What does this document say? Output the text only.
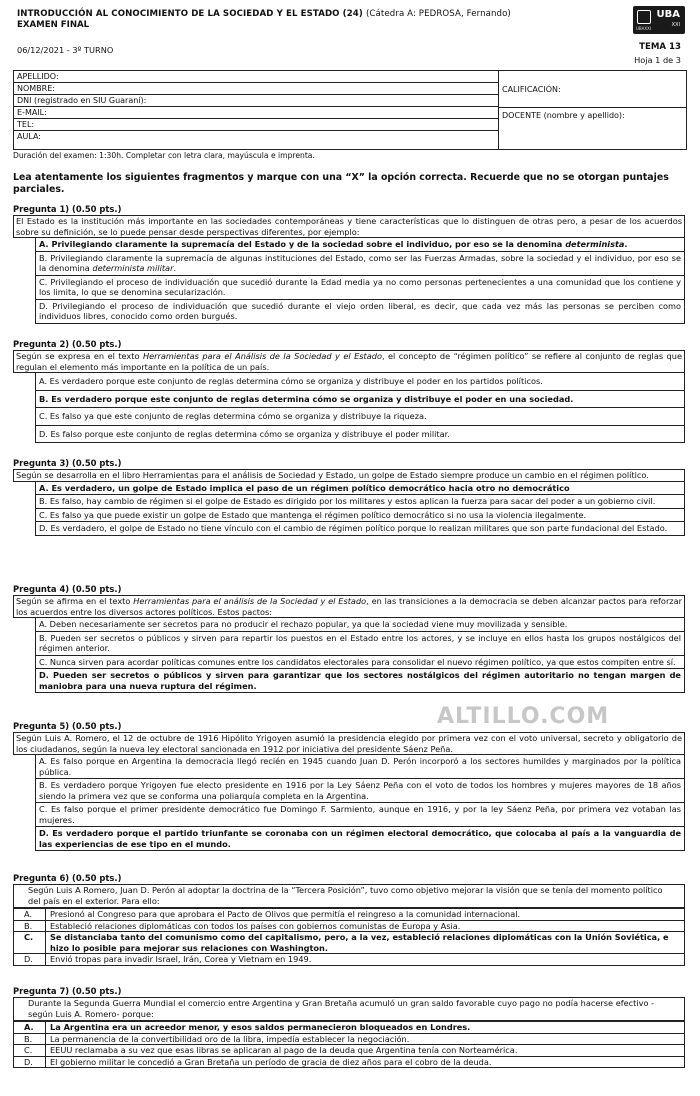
INTRODUCCIÓN AL CONOCIMIENTO DE LA SOCIEDAD Y EL ESTADO (24) (Cátedra A: PEDROSA, Fernando)
EXAMEN FINAL
06/12/2021 - 3º TURNO
UBA
XXI
UBAXXI
TEMA 13
Hoja 1 de 3
APELLIDO:
NOMBRE:
DNI (registrado en SIU Guaraní):
E-MAIL:
TEL:
AULA:
CALIFICACIÓN:
DOCENTE (nombre y apellido):
Duración del examen: 1:30h. Completar con letra clara, mayúscula e imprenta.
Lea atentamente los siguientes fragmentos y marque con una “X” la opción correcta. Recuerde que no se otorgan puntajes parciales.
Pregunta 1) (0.50 pts.)
El Estado es la institución más importante en las sociedades contemporáneas y tiene características que lo distinguen de otras pero, a pesar de los acuerdos sobre su definición, se lo puede pensar desde perspectivas diferentes, por ejemplo:
A. Privilegiando claramente la supremacía del Estado y de la sociedad sobre el individuo, por eso se la denomina determinista.
B. Privilegiando claramente la supremacía de algunas instituciones del Estado, como ser las Fuerzas Armadas, sobre la sociedad y el individuo, por eso se la denomina determinista militar.
C. Privilegiando el proceso de individuación que sucedió durante la Edad media ya no como personas pertenecientes a una comunidad que los contiene y los limita, lo que se denomina secularización.
D. Privilegiando el proceso de individuación que sucedió durante el viejo orden liberal, es decir, que cada vez más las personas se perciben como individuos libres, conocido como orden burgués.
Pregunta 2) (0.50 pts.)
Según se expresa en el texto Herramientas para el Análisis de la Sociedad y el Estado, el concepto de “régimen político” se refiere al conjunto de reglas que regulan el elemento más importante en la política de un país.
A. Es verdadero porque este conjunto de reglas determina cómo se organiza y distribuye el poder en los partidos políticos.
B. Es verdadero porque este conjunto de reglas determina cómo se organiza y distribuye el poder en una sociedad.
C. Es falso ya que este conjunto de reglas determina cómo se organiza y distribuye la riqueza.
D. Es falso porque este conjunto de reglas determina cómo se organiza y distribuye el poder militar.
Pregunta 3) (0.50 pts.)
Según se desarrolla en el libro Herramientas para el análisis de Sociedad y Estado, un golpe de Estado siempre produce un cambio en el régimen político.
A. Es verdadero, un golpe de Estado implica el paso de un régimen político democrático hacia otro no democrático
B. Es falso, hay cambio de régimen si el golpe de Estado es dirigido por los militares y estos aplican la fuerza para sacar del poder a un gobierno civil.
C. Es falso ya que puede existir un golpe de Estado que mantenga el régimen político democrático si no usa la violencia ilegalmente.
D. Es verdadero, el golpe de Estado no tiene vínculo con el cambio de régimen político porque lo realizan militares que son parte fundacional del Estado.
Pregunta 4) (0.50 pts.)
Según se afirma en el texto Herramientas para el análisis de la Sociedad y el Estado, en las transiciones a la democracia se deben alcanzar pactos para reforzar los acuerdos entre los diversos actores políticos. Estos pactos:
A. Deben necesariamente ser secretos para no producir el rechazo popular, ya que la sociedad viene muy movilizada y sensible.
B. Pueden ser secretos o públicos y sirven para repartir los puestos en el Estado entre los actores, y se incluye en ellos hasta los grupos nostálgicos del régimen anterior.
C. Nunca sirven para acordar políticas comunes entre los candidatos electorales para consolidar el nuevo régimen político, ya que estos compiten entre sí.
D. Pueden ser secretos o públicos y sirven para garantizar que los sectores nostálgicos del régimen autoritario no tengan margen de maniobra para una nueva ruptura del régimen.
Pregunta 5) (0.50 pts.)
Según Luis A. Romero, el 12 de octubre de 1916 Hipólito Yrigoyen asumió la presidencia elegido por primera vez con el voto universal, secreto y obligatorio de los ciudadanos, según la nueva ley electoral sancionada en 1912 por iniciativa del presidente Sáenz Peña.
A. Es falso porque en Argentina la democracia llegó recién en 1945 cuando Juan D. Perón incorporó a los sectores humildes y marginados por la política pública.
B. Es verdadero porque Yrigoyen fue electo presidente en 1916 por la Ley Sáenz Peña con el voto de todos los hombres y mujeres mayores de 18 años siendo la primera vez que se conforma una poliarquía completa en la Argentina.
C. Es falso porque el primer presidente democrático fue Domingo F. Sarmiento, aunque en 1916, y por la ley Sáenz Peña, por primera vez votaban las mujeres.
D. Es verdadero porque el partido triunfante se coronaba con un régimen electoral democrático, que colocaba al país a la vanguardia de las experiencias de ese tipo en el mundo.
Pregunta 6) (0.50 pts.)
Según Luis A Romero, Juan D. Perón al adoptar la doctrina de la “Tercera Posición”, tuvo como objetivo mejorar la visión que se tenía del momento político del país en el exterior. Para ello:
A.	Presionó al Congreso para que aprobara el Pacto de Olivos que permitía el reingreso a la comunidad internacional.
B.	Estableció relaciones diplomáticas con todos los países con gobiernos comunistas de Europa y Asia.
C.	Se distanciaba tanto del comunismo como del capitalismo, pero, a la vez, estableció relaciones diplomáticas con la Unión Soviética, e hizo lo posible para mejorar sus relaciones con Washington.
D.	Envió tropas para invadir Israel, Irán, Corea y Vietnam en 1949.
Pregunta 7) (0.50 pts.)
Durante la Segunda Guerra Mundial el comercio entre Argentina y Gran Bretaña acumuló un gran saldo favorable cuyo pago no podía hacerse efectivo -según Luis A. Romero- porque:
A.	La Argentina era un acreedor menor, y esos saldos permanecieron bloqueados en Londres.
B.	La permanencia de la convertibilidad oro de la libra, impedía establecer la negociación.
C.	EEUU reclamaba a su vez que esas libras se aplicaran al pago de la deuda que Argentina tenía con Norteamérica.
D.	El gobierno militar le concedió a Gran Bretaña un período de gracia de diez años para el cobro de la deuda.
ALTILLO.COM
